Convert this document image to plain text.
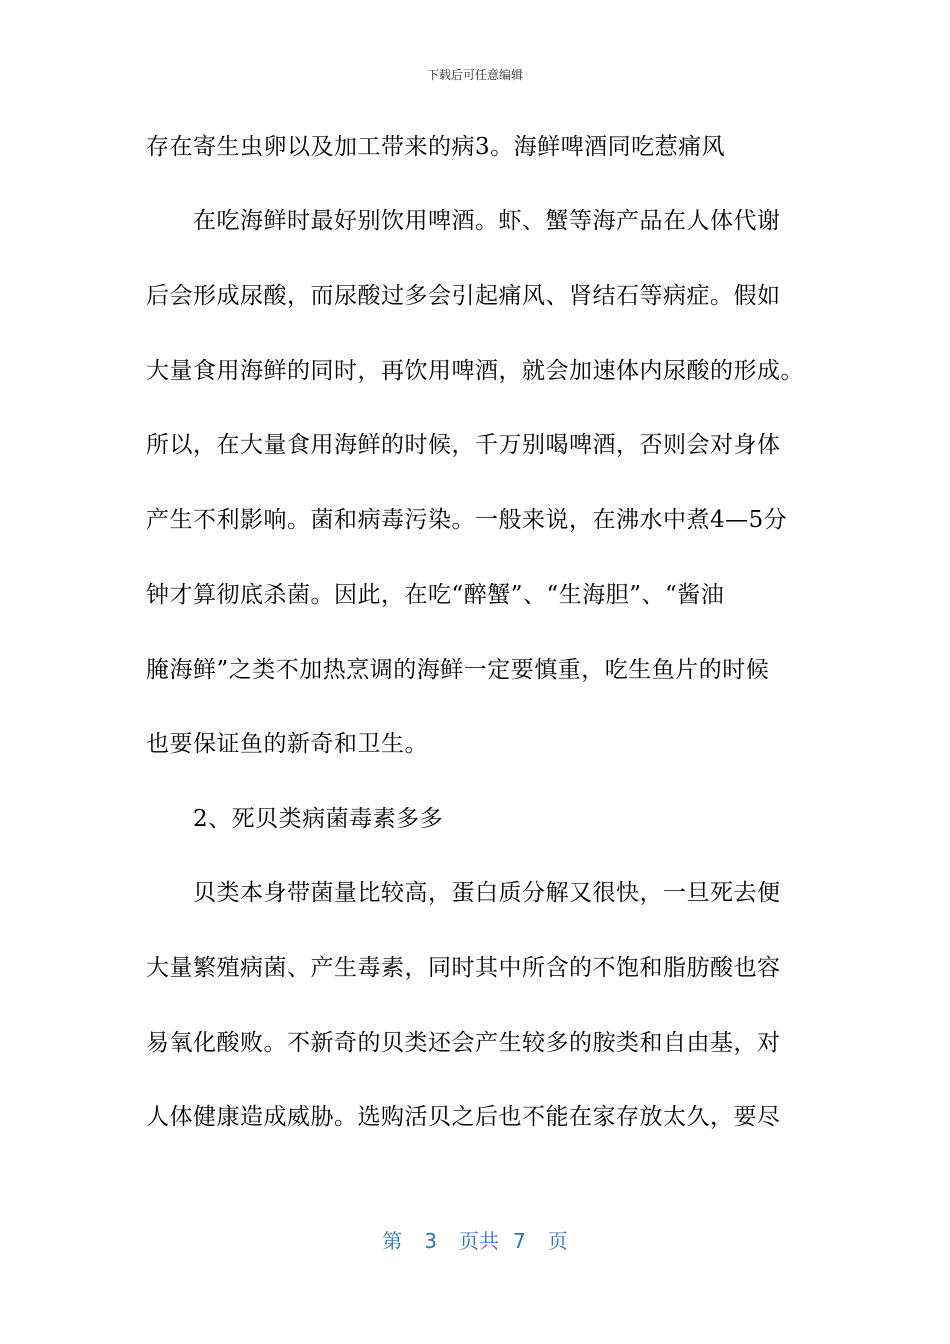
下载后可任意编辑
存在寄生虫卵以及加工带来的病3。海鲜啤酒同吃惹痛风
在吃海鲜时最好别饮用啤酒。虾、蟹等海产品在人体代谢
后会形成尿酸，而尿酸过多会引起痛风、肾结石等病症。假如
大量食用海鲜的同时，再饮用啤酒，就会加速体内尿酸的形成。
所以，在大量食用海鲜的时候，千万别喝啤酒，否则会对身体
产生不利影响。菌和病毒污染。一般来说，在沸水中煮4—5分
钟才算彻底杀菌。因此，在吃“醉蟹”、“生海胆”、“酱油
腌海鲜”之类不加热烹调的海鲜一定要慎重，吃生鱼片的时候
也要保证鱼的新奇和卫生。
2、死贝类病菌毒素多多
贝类本身带菌量比较高，蛋白质分解又很快，一旦死去便
大量繁殖病菌、产生毒素，同时其中所含的不饱和脂肪酸也容
易氧化酸败。不新奇的贝类还会产生较多的胺类和自由基，对
人体健康造成威胁。选购活贝之后也不能在家存放太久，要尽
第 3 页共 7 页
